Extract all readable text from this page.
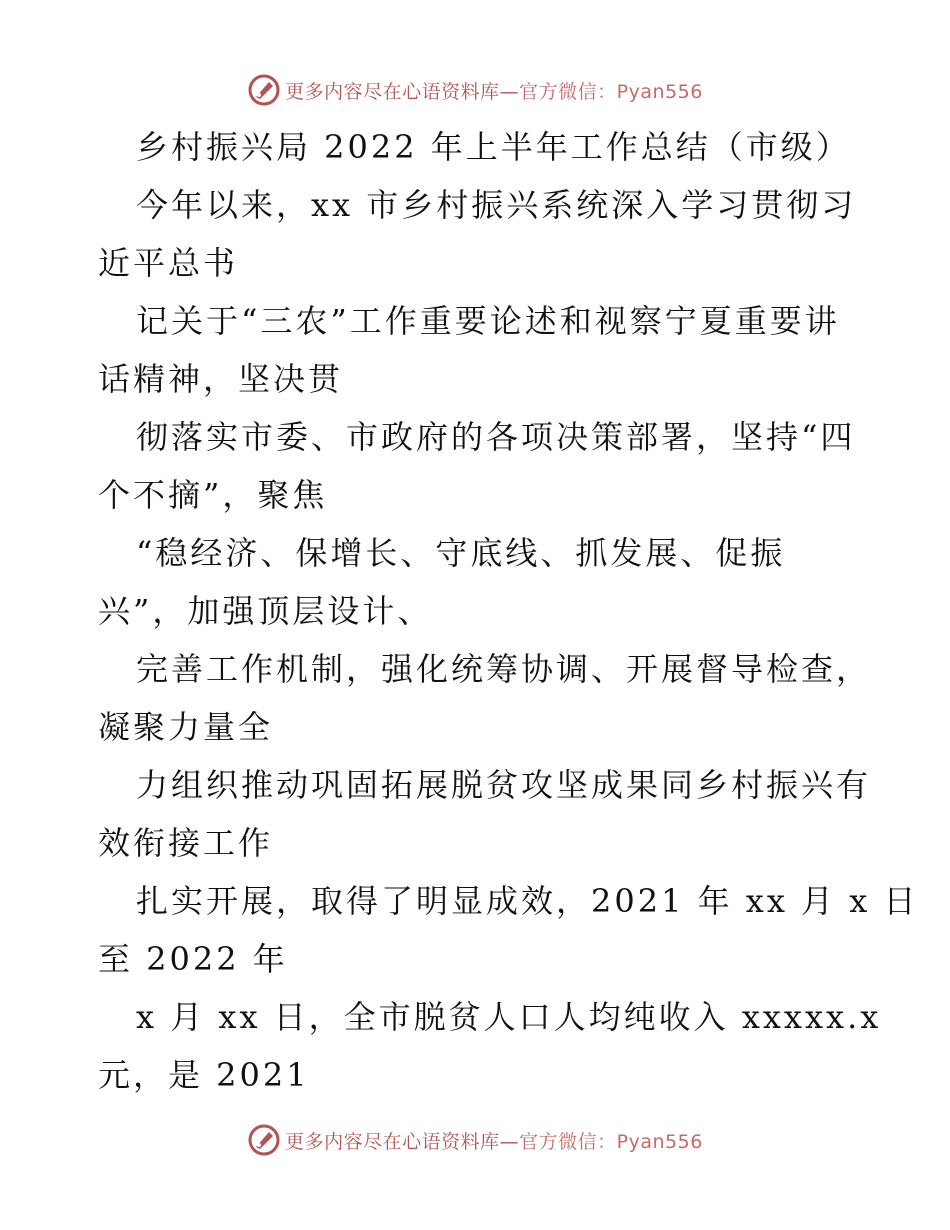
更多内容尽在心语资料库—官方微信：Pyan556
乡村振兴局 2022 年上半年工作总结（市级）
今年以来，xx 市乡村振兴系统深入学习贯彻习
近平总书
记关于“三农”工作重要论述和视察宁夏重要讲
话精神，坚决贯
彻落实市委、市政府的各项决策部署，坚持“四
个不摘”，聚焦
“稳经济、保增长、守底线、抓发展、促振
兴”，加强顶层设计、
完善工作机制，强化统筹协调、开展督导检查，
凝聚力量全
力组织推动巩固拓展脱贫攻坚成果同乡村振兴有
效衔接工作
扎实开展，取得了明显成效，2021 年 xx 月 x 日
至 2022 年
x 月 xx 日，全市脱贫人口人均纯收入 xxxxx.x
元，是 2021
更多内容尽在心语资料库—官方微信：Pyan556
